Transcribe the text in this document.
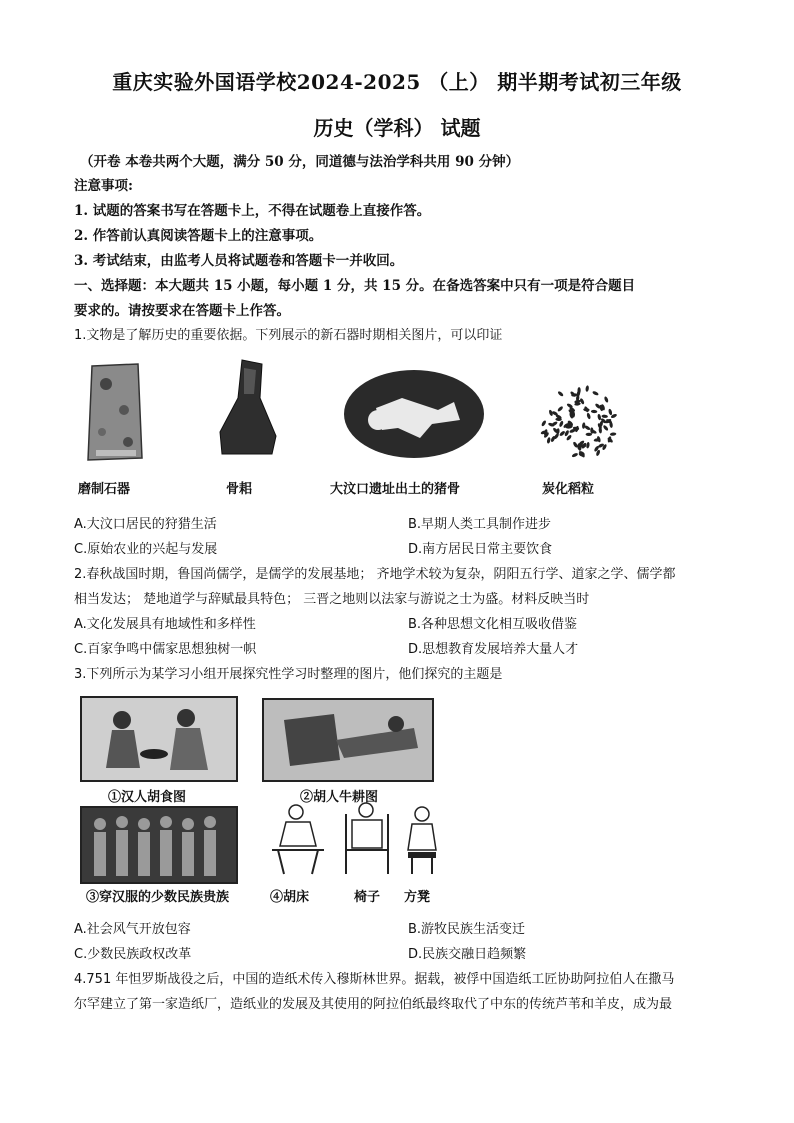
重庆实验外国语学校2024-2025 （上） 期半期考试初三年级
历史（学科） 试题
（开卷 本卷共两个大题，满分 50 分，同道德与法治学科共用 90 分钟）
注意事项:
1. 试题的答案书写在答题卡上，不得在试题卷上直接作答。
2. 作答前认真阅读答题卡上的注意事项。
3. 考试结束，由监考人员将试题卷和答题卡一并收回。
一、选择题：本大题共 15 小题，每小题 1 分，共 15 分。在备选答案中只有一项是符合题目
要求的。请按要求在答题卡上作答。
1.文物是了解历史的重要依据。下列展示的新石器时期相关图片，可以印证
磨制石器	骨耜	大汶口遗址出土的猪骨	炭化稻粒
A.大汶口居民的狩猎生活	B.早期人类工具制作进步
C.原始农业的兴起与发展	D.南方居民日常主要饮食
2.春秋战国时期，鲁国尚儒学，是儒学的发展基地； 齐地学术较为复杂，阴阳五行学、道家之学、儒学都
相当发达； 楚地道学与辞赋最具特色； 三晋之地则以法家与游说之士为盛。材料反映当时
A.文化发展具有地域性和多样性	B.各种思想文化相互吸收借鉴
C.百家争鸣中儒家思想独树一帜	D.思想教育发展培养大量人才
3.下列所示为某学习小组开展探究性学习时整理的图片，他们探究的主题是
①汉人胡食图	②胡人牛耕图
③穿汉服的少数民族贵族	④胡床	椅子 方凳
A.社会风气开放包容	B.游牧民族生活变迁
C.少数民族政权改革	D.民族交融日趋频繁
4.751 年怛罗斯战役之后，中国的造纸术传入穆斯林世界。据载，被俘中国造纸工匠协助阿拉伯人在撒马
尔罕建立了第一家造纸厂，造纸业的发展及其使用的阿拉伯纸最终取代了中东的传统芦苇和羊皮，成为最
